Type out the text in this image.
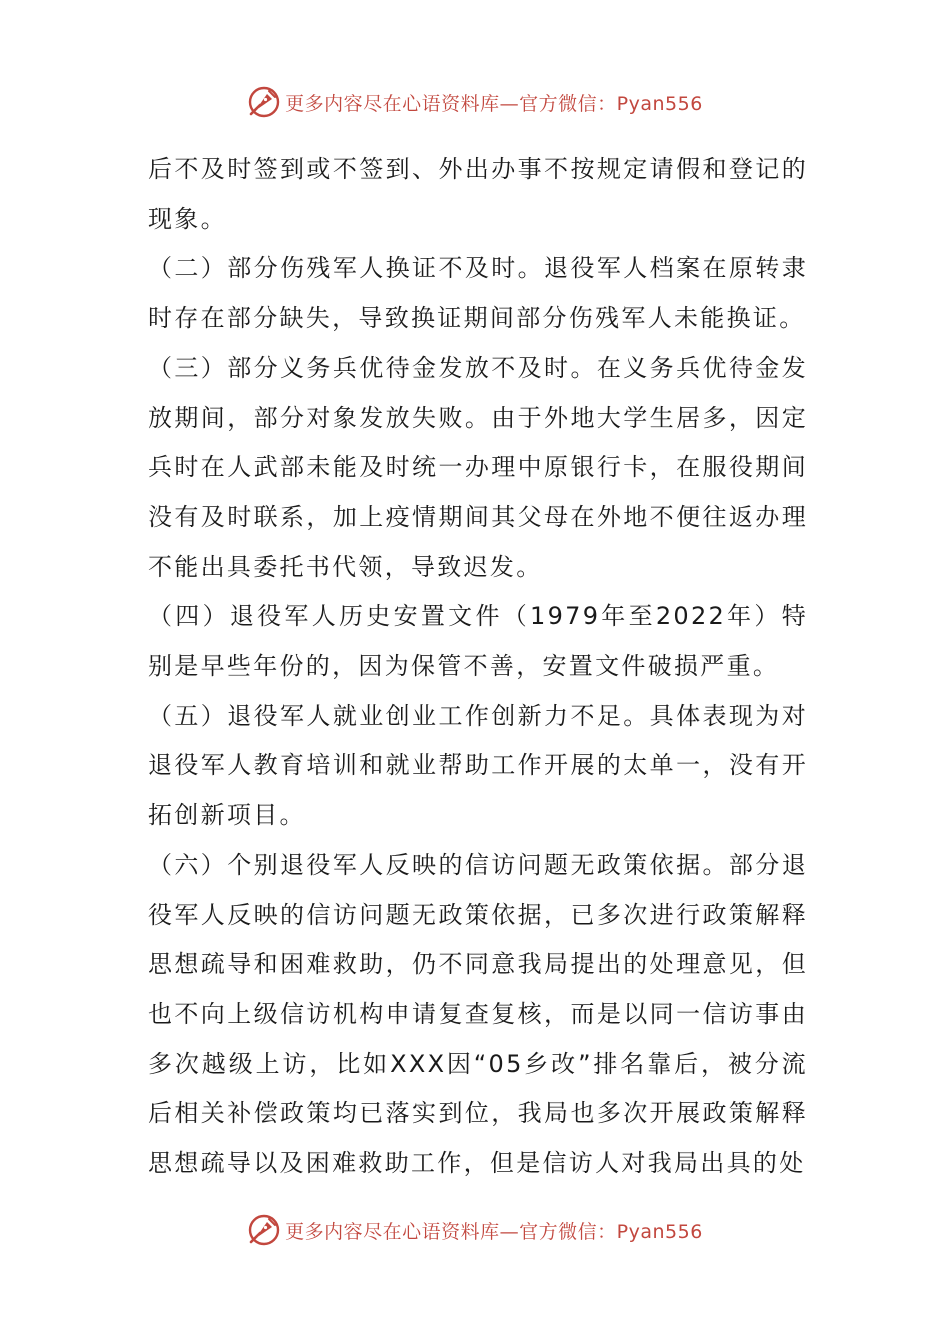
更多内容尽在心语资料库—官方微信：Pyan556

后不及时签到或不签到、外出办事不按规定请假和登记的现象。

（二）部分伤残军人换证不及时。退役军人档案在原转隶时存在部分缺失，导致换证期间部分伤残军人未能换证。

（三）部分义务兵优待金发放不及时。在义务兵优待金发放期间，部分对象发放失败。由于外地大学生居多，因定兵时在人武部未能及时统一办理中原银行卡，在服役期间没有及时联系，加上疫情期间其父母在外地不便往返办理不能出具委托书代领，导致迟发。

（四）退役军人历史安置文件（1979年至2022年）特别是早些年份的，因为保管不善，安置文件破损严重。

（五）退役军人就业创业工作创新力不足。具体表现为对退役军人教育培训和就业帮助工作开展的太单一，没有开拓创新项目。

（六）个别退役军人反映的信访问题无政策依据。部分退役军人反映的信访问题无政策依据，已多次进行政策解释思想疏导和困难救助，仍不同意我局提出的处理意见，但也不向上级信访机构申请复查复核，而是以同一信访事由多次越级上访，比如XXX因“05乡改”排名靠后，被分流后相关补偿政策均已落实到位，我局也多次开展政策解释思想疏导以及困难救助工作，但是信访人对我局出具的处

更多内容尽在心语资料库—官方微信：Pyan556
